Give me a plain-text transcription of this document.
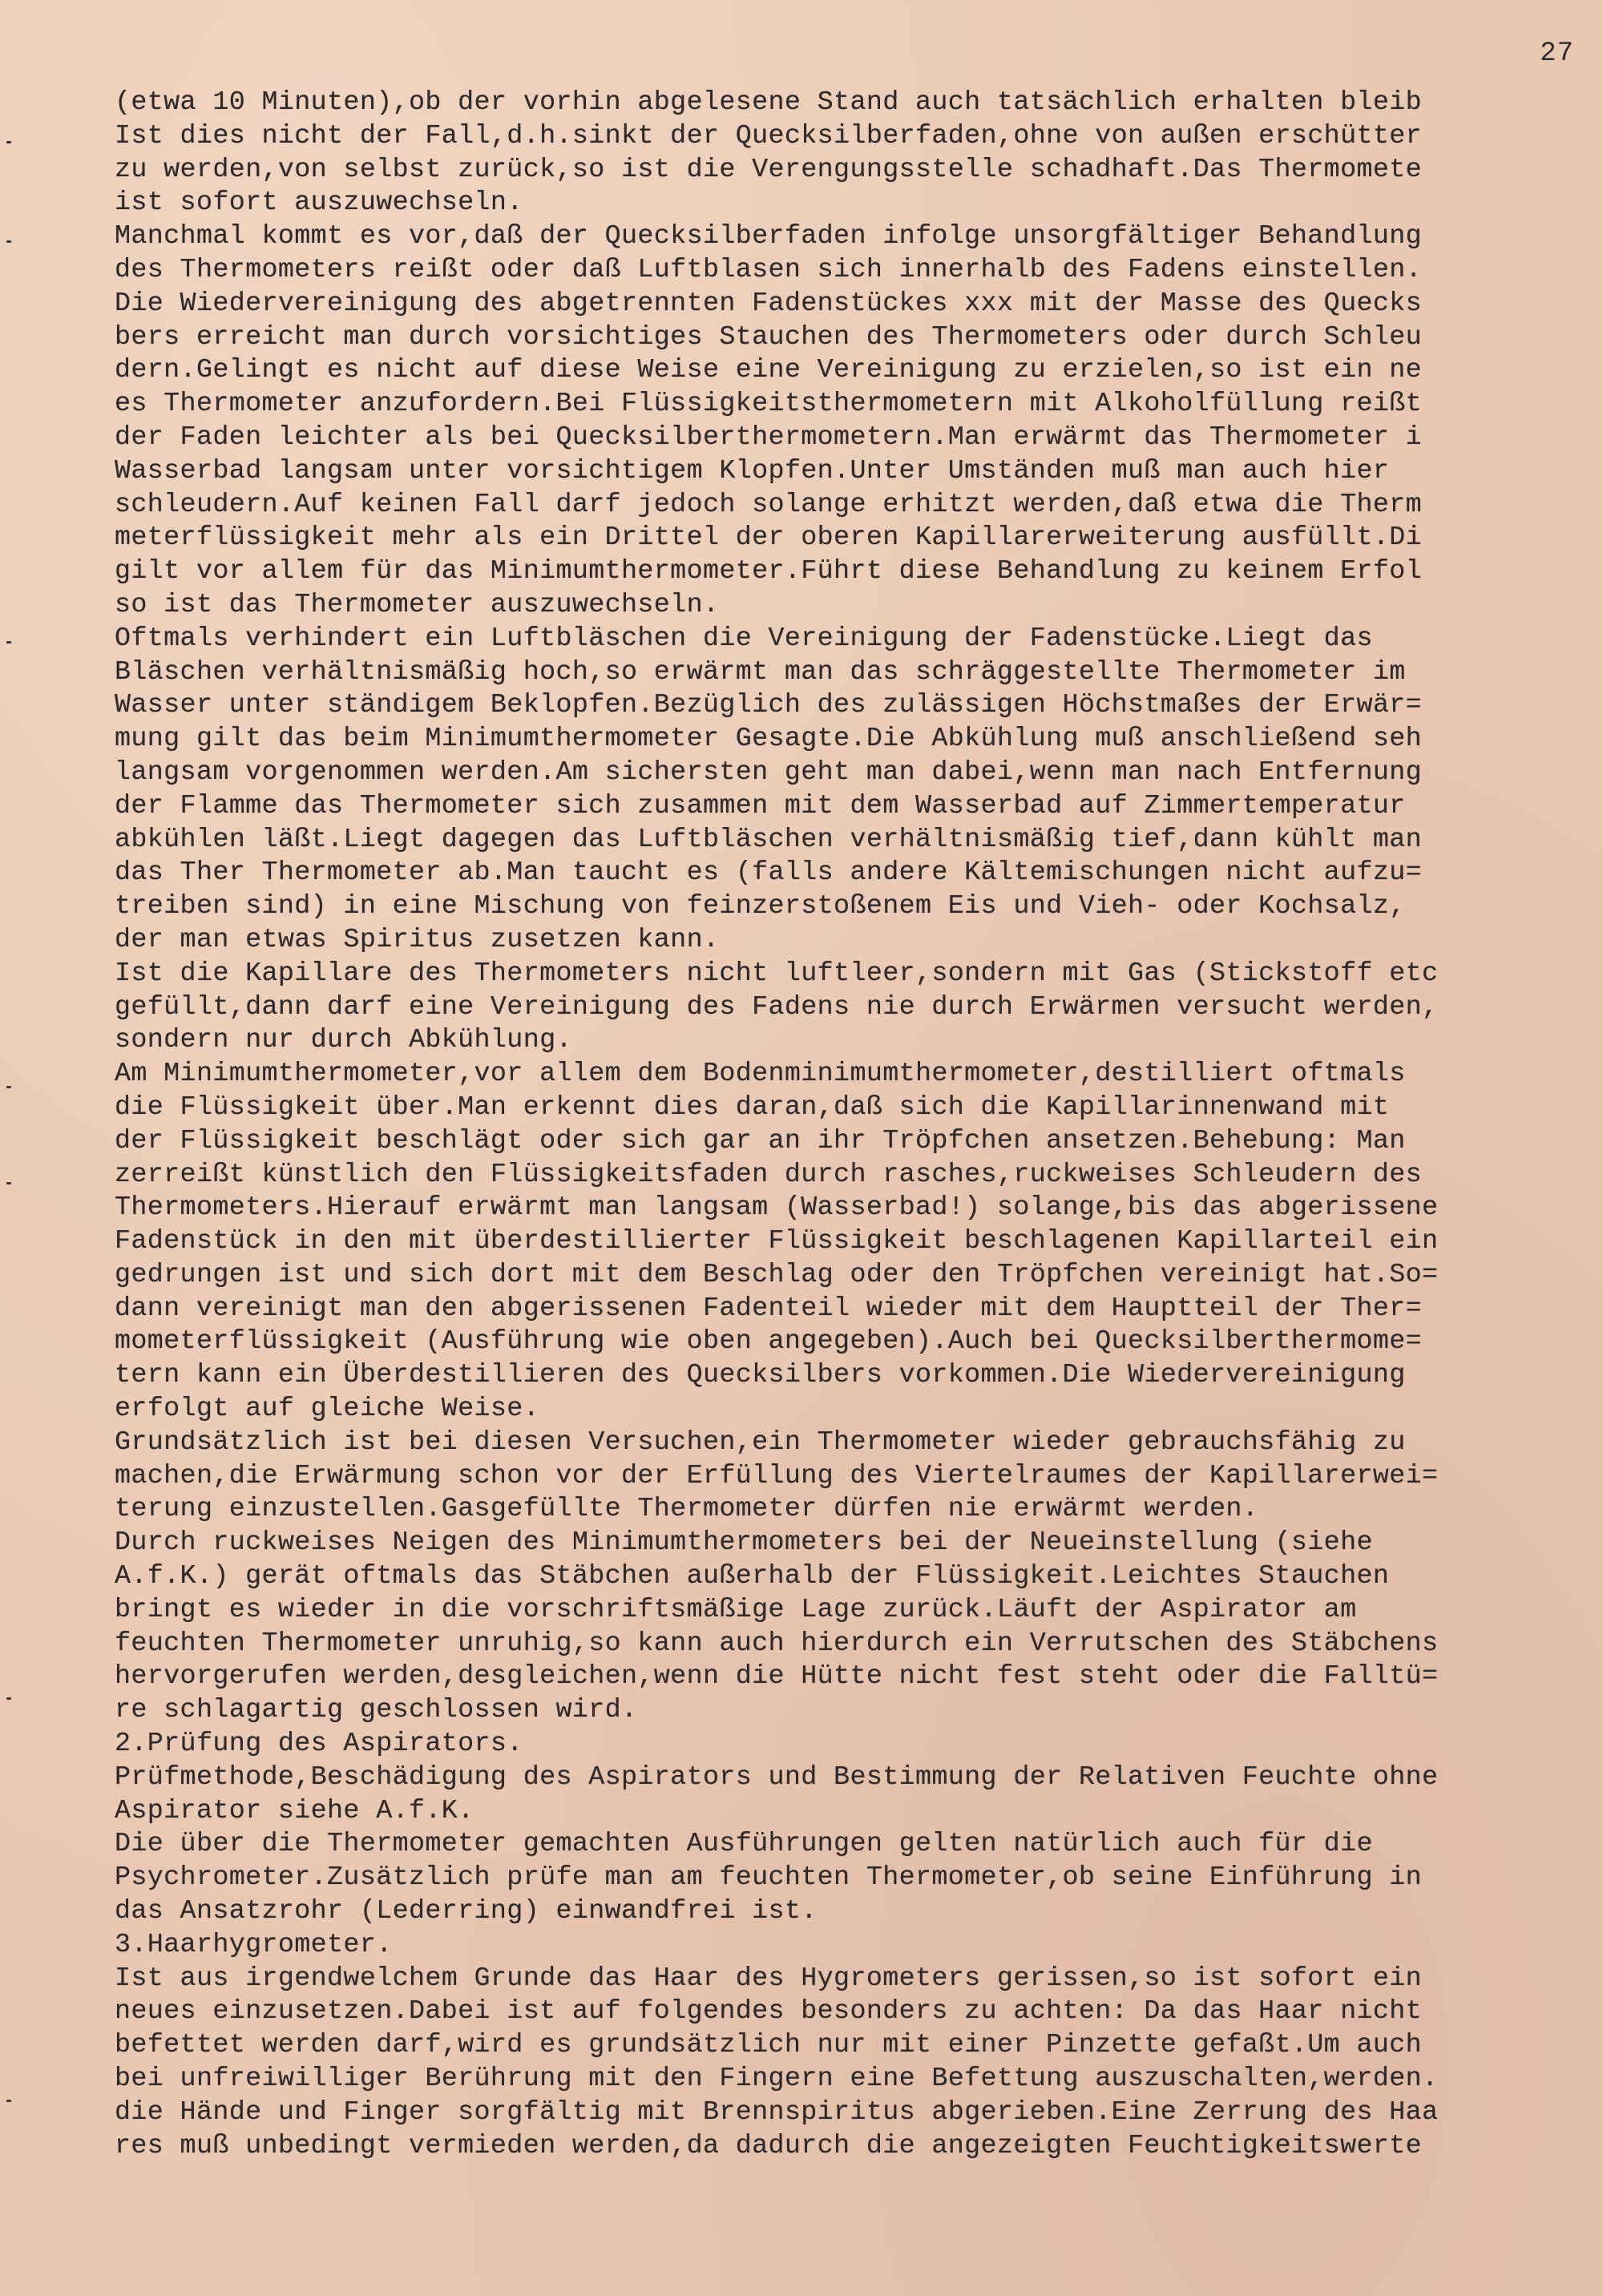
27
(etwa 10 Minuten),ob der vorhin abgelesene Stand auch tatsächlich erhalten bleib
Ist dies nicht der Fall,d.h.sinkt der Quecksilberfaden,ohne von außen erschütter
zu werden,von selbst zurück,so ist die Verengungsstelle schadhaft.Das Thermomete
ist sofort auszuwechseln.
Manchmal kommt es vor,daß der Quecksilberfaden infolge unsorgfältiger Behandlung
des Thermometers reißt oder daß Luftblasen sich innerhalb des Fadens einstellen.
Die Wiedervereinigung des abgetrennten Fadenstückes xxx mit der Masse des Quecks
bers erreicht man durch vorsichtiges Stauchen des Thermometers oder durch Schleu
dern.Gelingt es nicht auf diese Weise eine Vereinigung zu erzielen,so ist ein ne
es Thermometer anzufordern.Bei Flüssigkeitsthermometern mit Alkoholfüllung reißt
der Faden leichter als bei Quecksilberthermometern.Man erwärmt das Thermometer i
Wasserbad langsam unter vorsichtigem Klopfen.Unter Umständen muß man auch hier
schleudern.Auf keinen Fall darf jedoch solange erhitzt werden,daß etwa die Therm
meterflüssigkeit mehr als ein Drittel der oberen Kapillarerweiterung ausfüllt.Di
gilt vor allem für das Minimumthermometer.Führt diese Behandlung zu keinem Erfol
so ist das Thermometer auszuwechseln.
Oftmals verhindert ein Luftbläschen die Vereinigung der Fadenstücke.Liegt das
Bläschen verhältnismäßig hoch,so erwärmt man das schräggestellte Thermometer im
Wasser unter ständigem Beklopfen.Bezüglich des zulässigen Höchstmaßes der Erwär=
mung gilt das beim Minimumthermometer Gesagte.Die Abkühlung muß anschließend seh
langsam vorgenommen werden.Am sichersten geht man dabei,wenn man nach Entfernung
der Flamme das Thermometer sich zusammen mit dem Wasserbad auf Zimmertemperatur
abkühlen läßt.Liegt dagegen das Luftbläschen verhältnismäßig tief,dann kühlt man
das Ther Thermometer ab.Man taucht es (falls andere Kältemischungen nicht aufzu=
treiben sind) in eine Mischung von feinzerstoßenem Eis und Vieh- oder Kochsalz,
der man etwas Spiritus zusetzen kann.
Ist die Kapillare des Thermometers nicht luftleer,sondern mit Gas (Stickstoff etc
gefüllt,dann darf eine Vereinigung des Fadens nie durch Erwärmen versucht werden,
sondern nur durch Abkühlung.
Am Minimumthermometer,vor allem dem Bodenminimumthermometer,destilliert oftmals
die Flüssigkeit über.Man erkennt dies daran,daß sich die Kapillarinnenwand mit
der Flüssigkeit beschlägt oder sich gar an ihr Tröpfchen ansetzen.Behebung: Man
zerreißt künstlich den Flüssigkeitsfaden durch rasches,ruckweises Schleudern des
Thermometers.Hierauf erwärmt man langsam (Wasserbad!) solange,bis das abgerissene
Fadenstück in den mit überdestillierter Flüssigkeit beschlagenen Kapillarteil ein
gedrungen ist und sich dort mit dem Beschlag oder den Tröpfchen vereinigt hat.So=
dann vereinigt man den abgerissenen Fadenteil wieder mit dem Hauptteil der Ther=
mometerflüssigkeit (Ausführung wie oben angegeben).Auch bei Quecksilberthermome=
tern kann ein Überdestillieren des Quecksilbers vorkommen.Die Wiedervereinigung
erfolgt auf gleiche Weise.
Grundsätzlich ist bei diesen Versuchen,ein Thermometer wieder gebrauchsfähig zu
machen,die Erwärmung schon vor der Erfüllung des Viertelraumes der Kapillarerwei=
terung einzustellen.Gasgefüllte Thermometer dürfen nie erwärmt werden.
Durch ruckweises Neigen des Minimumthermometers bei der Neueinstellung (siehe
A.f.K.) gerät oftmals das Stäbchen außerhalb der Flüssigkeit.Leichtes Stauchen
bringt es wieder in die vorschriftsmäßige Lage zurück.Läuft der Aspirator am
feuchten Thermometer unruhig,so kann auch hierdurch ein Verrutschen des Stäbchens
hervorgerufen werden,desgleichen,wenn die Hütte nicht fest steht oder die Falltü=
re schlagartig geschlossen wird.
2.Prüfung des Aspirators.
Prüfmethode,Beschädigung des Aspirators und Bestimmung der Relativen Feuchte ohne
Aspirator siehe A.f.K.
Die über die Thermometer gemachten Ausführungen gelten natürlich auch für die
Psychrometer.Zusätzlich prüfe man am feuchten Thermometer,ob seine Einführung in
das Ansatzrohr (Lederring) einwandfrei ist.
3.Haarhygrometer.
Ist aus irgendwelchem Grunde das Haar des Hygrometers gerissen,so ist sofort ein
neues einzusetzen.Dabei ist auf folgendes besonders zu achten: Da das Haar nicht
befettet werden darf,wird es grundsätzlich nur mit einer Pinzette gefaßt.Um auch
bei unfreiwilliger Berührung mit den Fingern eine Befettung auszuschalten,werden.
die Hände und Finger sorgfältig mit Brennspiritus abgerieben.Eine Zerrung des Haa
res muß unbedingt vermieden werden,da dadurch die angezeigten Feuchtigkeitswerte
